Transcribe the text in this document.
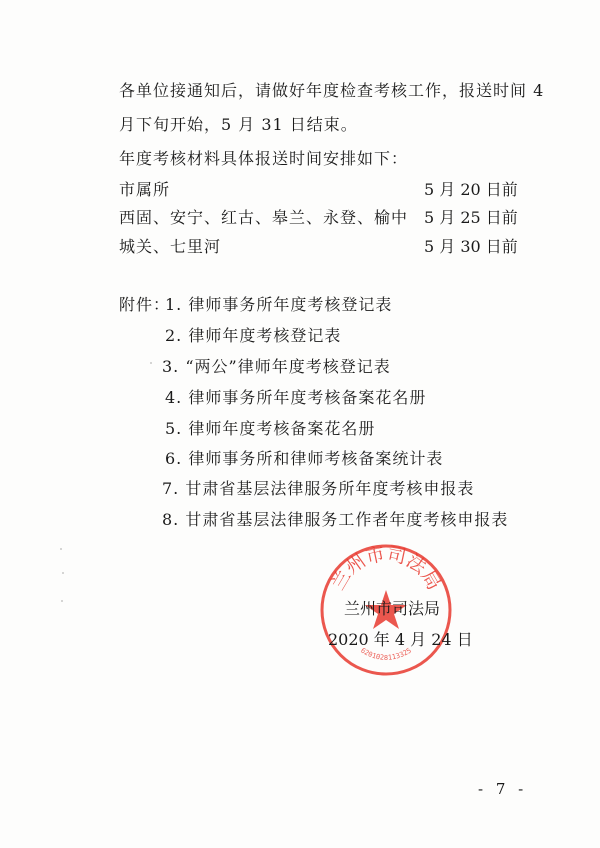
各单位接通知后，请做好年度检查考核工作，报送时间 4
月下旬开始，5 月 31 日结束。
年度考核材料具体报送时间安排如下：
市属所	5 月 20 日前
西固、安宁、红古、皋兰、永登、榆中 5 月 25 日前
城关、七里河	5 月 30 日前
附件：
1. 律师事务所年度考核登记表
2. 律师年度考核登记表
3. “两公”律师年度考核登记表
4. 律师事务所年度考核备案花名册
5. 律师年度考核备案花名册
6. 律师事务所和律师考核备案统计表
7. 甘肃省基层法律服务所年度考核申报表
8. 甘肃省基层法律服务工作者年度考核申报表
兰州市司法局
6201028113325
兰州市司法局
2020 年 4 月 24 日
- 7 -
